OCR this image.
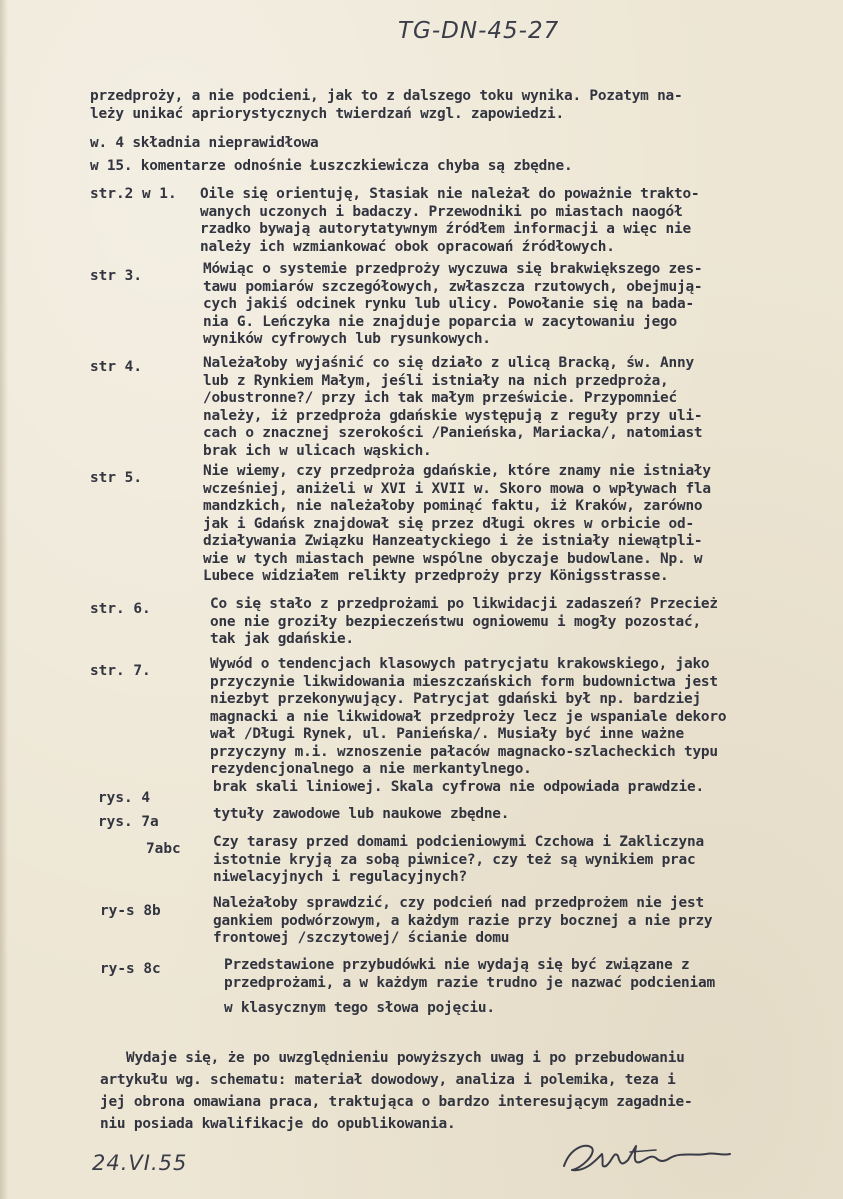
TG-DN-45-27
przedproży, a nie podcieni, jak to z dalszego toku wynika. Pozatym na-
leży unikać apriorystycznych twierdzań wzgl. zapowiedzi.
w. 4 składnia nieprawidłowa
w 15. komentarze odnośnie Łuszczkiewicza chyba są zbędne.
str.2 w 1. Oile się orientuję, Stasiak nie należał do poważnie trakto-
wanych uczonych i badaczy. Przewodniki po miastach naogół
rzadko bywają autorytatywnym źródłem informacji a więc nie
należy ich wzmiankować obok opracowań źródłowych.
str 3.	Mówiąc o systemie przedproży wyczuwa się brakwiększego zes-
tawu pomiarów szczegółowych, zwłaszcza rzutowych, obejmują-
cych jakiś odcinek rynku lub ulicy. Powołanie się na bada-
nia G. Leńczyka nie znajduje poparcia w zacytowaniu jego
wyników cyfrowych lub rysunkowych.
str 4.	Należałoby wyjaśnić co się działo z ulicą Bracką, św. Anny
lub z Rynkiem Małym, jeśli istniały na nich przedproża,
/obustronne?/ przy ich tak małym prześwicie. Przypomnieć
należy, iż przedproża gdańskie występują z reguły przy uli-
cach o znacznej szerokości /Panieńska, Mariacka/, natomiast
brak ich w ulicach wąskich.
str 5.	Nie wiemy, czy przedproża gdańskie, które znamy nie istniały
wcześniej, aniżeli w XVI i XVII w. Skoro mowa o wpływach fla
mandzkich, nie należałoby pominąć faktu, iż Kraków, zarówno
jak i Gdańsk znajdował się przez długi okres w orbicie od-
działywania Związku Hanzeatyckiego i że istniały niewątpli-
wie w tych miastach pewne wspólne obyczaje budowlane. Np. w
Lubece widziałem relikty przedproży przy Königsstrasse.
str. 6.	Co się stało z przedprożami po likwidacji zadaszeń? Przecież
one nie groziły bezpieczeństwu ogniowemu i mogły pozostać,
tak jak gdańskie.
str. 7.	Wywód o tendencjach klasowych patrycjatu krakowskiego, jako
przyczynie likwidowania mieszczańskich form budownictwa jest
niezbyt przekonywujący. Patrycjat gdański był np. bardziej
magnacki a nie likwidował przedproży lecz je wspaniale dekoro
wał /Długi Rynek, ul. Panieńska/. Musiały być inne ważne
przyczyny m.i. wznoszenie pałaców magnacko-szlacheckich typu
rezydencjonalnego a nie merkantylnego.
rys. 4
brak skali liniowej. Skala cyfrowa nie odpowiada prawdzie.
rys. 7a	tytuły zawodowe lub naukowe zbędne.
7abc Czy tarasy przed domami podcieniowymi Czchowa i Zakliczyna
istotnie kryją za sobą piwnice?, czy też są wynikiem prac
niwelacyjnych i regulacyjnych?
ry-s 8b	Należałoby sprawdzić, czy podcień nad przedprożem nie jest
gankiem podwórzowym, a każdym razie przy bocznej a nie przy
frontowej /szczytowej/ ścianie domu
ry-s 8c	Przedstawione przybudówki nie wydają się być związane z
przedprożami, a w każdym razie trudno je nazwać podcieniam
w klasycznym tego słowa pojęciu.
Wydaje się, że po uwzględnieniu powyższych uwag i po przebudowaniu
artykułu wg. schematu: materiał dowodowy, analiza i polemika, teza i
jej obrona omawiana praca, traktująca o bardzo interesującym zagadnie-
niu posiada kwalifikacje do opublikowania.
24.VI.55
